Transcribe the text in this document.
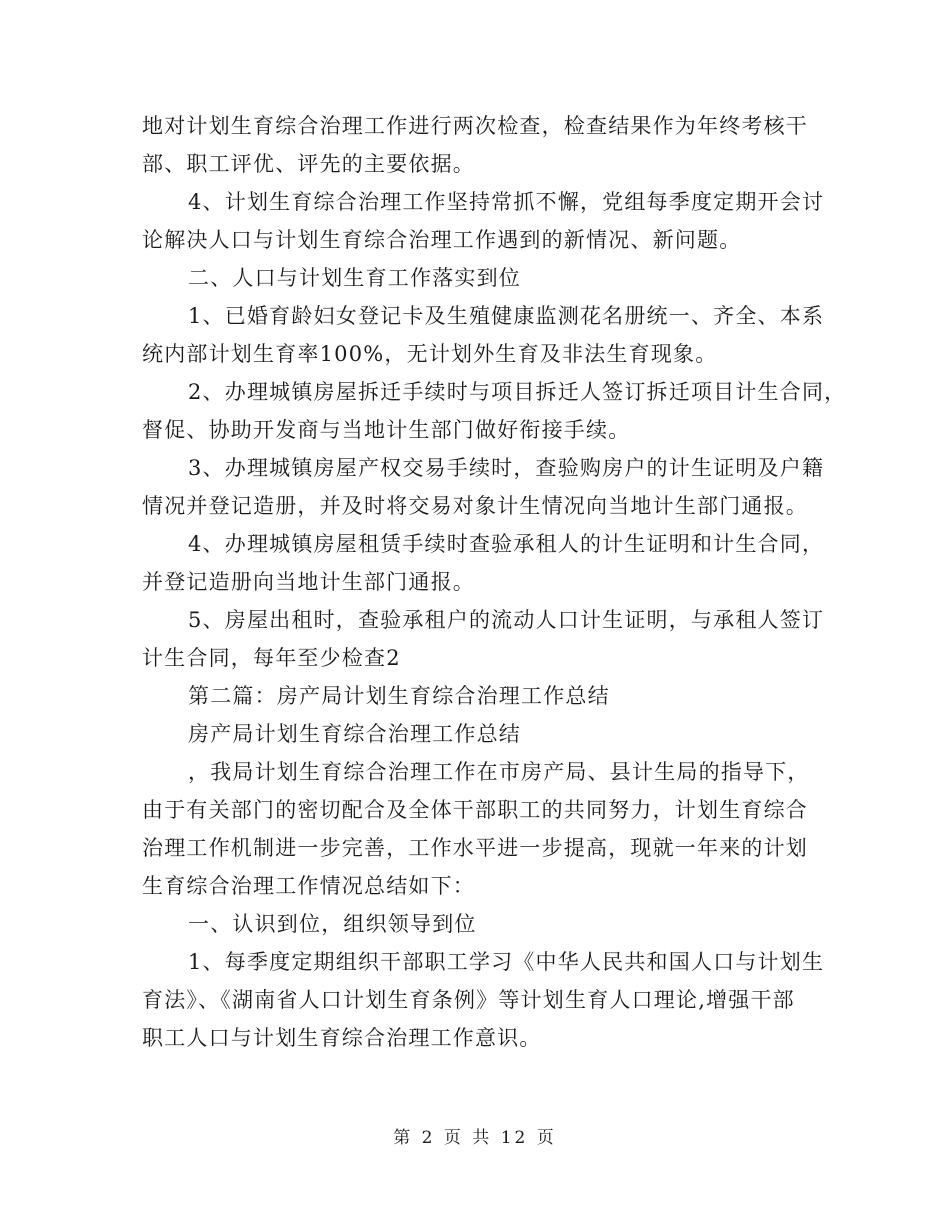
地对计划生育综合治理工作进行两次检查，检查结果作为年终考核干
部、职工评优、评先的主要依据。
4、计划生育综合治理工作坚持常抓不懈，党组每季度定期开会讨
论解决人口与计划生育综合治理工作遇到的新情况、新问题。
二、人口与计划生育工作落实到位
1、已婚育龄妇女登记卡及生殖健康监测花名册统一、齐全、本系
统内部计划生育率100%，无计划外生育及非法生育现象。
2、办理城镇房屋拆迁手续时与项目拆迁人签订拆迁项目计生合同，
督促、协助开发商与当地计生部门做好衔接手续。
3、办理城镇房屋产权交易手续时，查验购房户的计生证明及户籍
情况并登记造册，并及时将交易对象计生情况向当地计生部门通报。
4、办理城镇房屋租赁手续时查验承租人的计生证明和计生合同，
并登记造册向当地计生部门通报。
5、房屋出租时，查验承租户的流动人口计生证明，与承租人签订
计生合同，每年至少检查2
第二篇：房产局计划生育综合治理工作总结
房产局计划生育综合治理工作总结
，我局计划生育综合治理工作在市房产局、县计生局的指导下，
由于有关部门的密切配合及全体干部职工的共同努力，计划生育综合
治理工作机制进一步完善，工作水平进一步提高，现就一年来的计划
生育综合治理工作情况总结如下：
一、认识到位，组织领导到位
1、每季度定期组织干部职工学习《中华人民共和国人口与计划生
育法》、《湖南省人口计划生育条例》等计划生育人口理论,增强干部
职工人口与计划生育综合治理工作意识。
第 2 页 共 12 页
